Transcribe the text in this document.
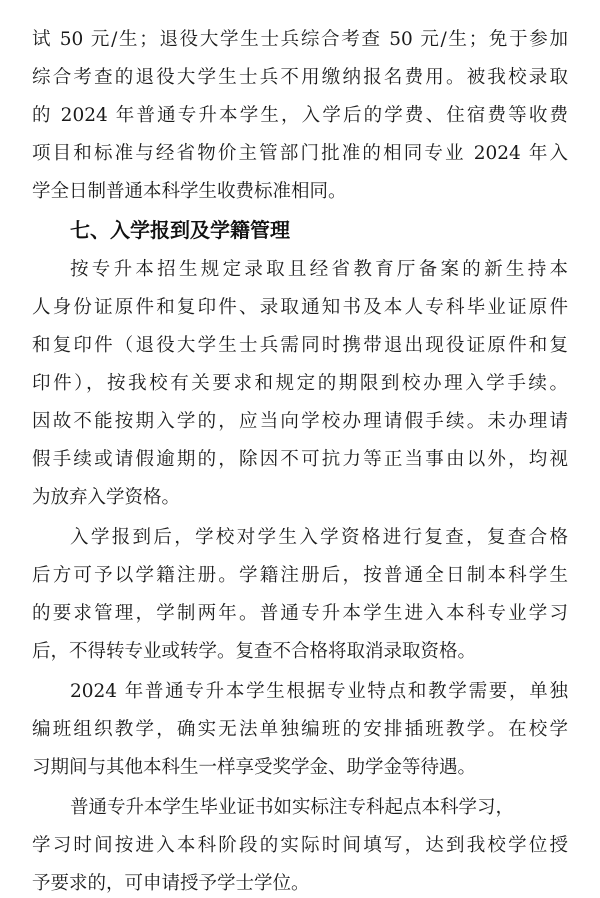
试 50 元/生；退役大学生士兵综合考查 50 元/生；免于参加
综合考查的退役大学生士兵不用缴纳报名费用。被我校录取
的 2024 年普通专升本学生，入学后的学费、住宿费等收费
项目和标准与经省物价主管部门批准的相同专业 2024 年入
学全日制普通本科学生收费标准相同。
七、入学报到及学籍管理
按专升本招生规定录取且经省教育厅备案的新生持本
人身份证原件和复印件、录取通知书及本人专科毕业证原件
和复印件（退役大学生士兵需同时携带退出现役证原件和复
印件），按我校有关要求和规定的期限到校办理入学手续。
因故不能按期入学的，应当向学校办理请假手续。未办理请
假手续或请假逾期的，除因不可抗力等正当事由以外，均视
为放弃入学资格。
入学报到后，学校对学生入学资格进行复查，复查合格
后方可予以学籍注册。学籍注册后，按普通全日制本科学生
的要求管理，学制两年。普通专升本学生进入本科专业学习
后，不得转专业或转学。复查不合格将取消录取资格。
2024 年普通专升本学生根据专业特点和教学需要，单独
编班组织教学，确实无法单独编班的安排插班教学。在校学
习期间与其他本科生一样享受奖学金、助学金等待遇。
普通专升本学生毕业证书如实标注专科起点本科学习，
学习时间按进入本科阶段的实际时间填写，达到我校学位授
予要求的，可申请授予学士学位。
